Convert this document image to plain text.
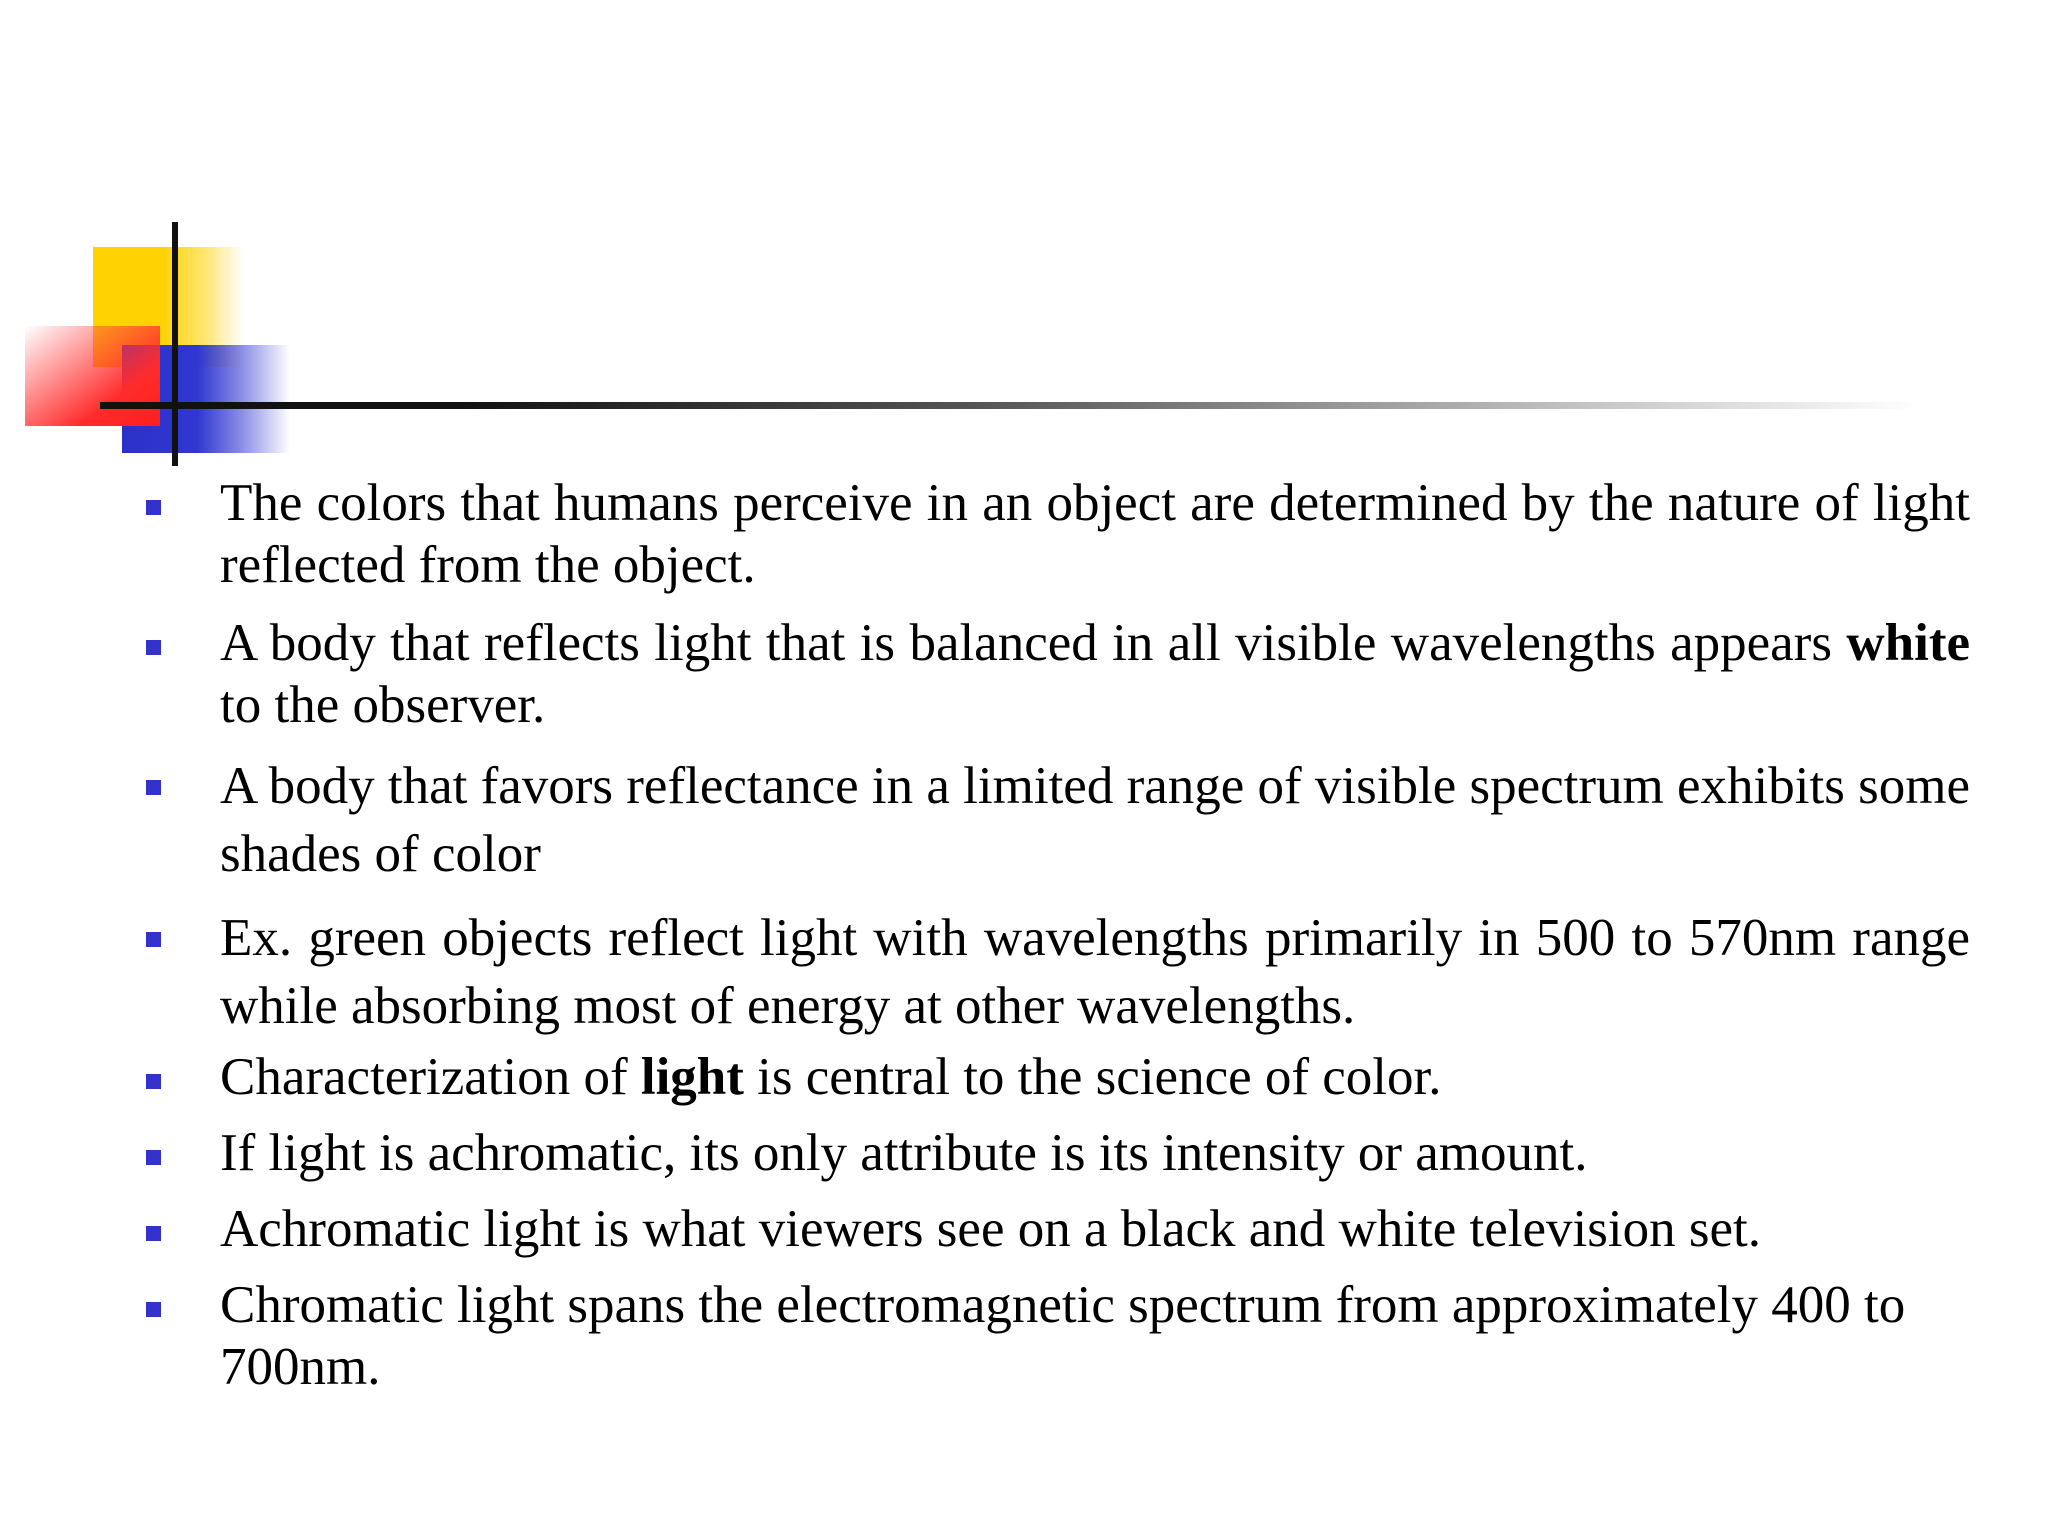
The colors that humans perceive in an object are determined by the nature of light reflected from the object.
A body that reflects light that is balanced in all visible wavelengths appears white to the observer.
A body that favors reflectance in a limited range of visible spectrum exhibits some shades of color
Ex. green objects reflect light with wavelengths primarily in 500 to 570nm range while absorbing most of energy at other wavelengths.
Characterization of light is central to the science of color.
If light is achromatic, its only attribute is its intensity or amount.
Achromatic light is what viewers see on a black and white television set.
Chromatic light spans the electromagnetic spectrum from approximately 400 to 700nm.
